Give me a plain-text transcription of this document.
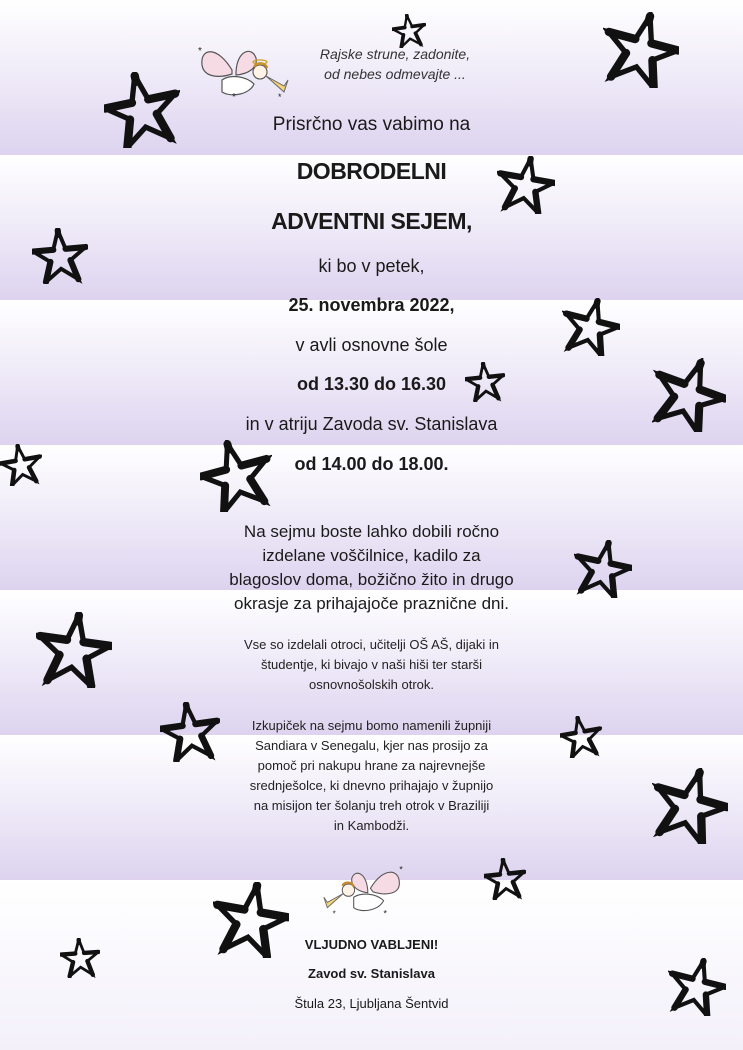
*
*	*
Rajske strune, zadonite,
od nebes odmevajte ...
Prisrčno vas vabimo na
DOBRODELNI
ADVENTNI SEJEM,
ki bo v petek,
25. novembra 2022,
v avli osnovne šole
od 13.30 do 16.30
in v atriju Zavoda sv. Stanislava
od 14.00 do 18.00.
Na sejmu boste lahko dobili ročno
izdelane voščilnice, kadilo za
blagoslov doma, božično žito in drugo
okrasje za prihajajoče praznične dni.
Vse so izdelali otroci, učitelji OŠ AŠ, dijaki in
študentje, ki bivajo v naši hiši ter starši
osnovnošolskih otrok.
Izkupiček na sejmu bomo namenili župniji
Sandiara v Senegalu, kjer nas prosijo za
pomoč pri nakupu hrane za najrevnejše
srednješolce, ki dnevno prihajajo v župnijo
na misijon ter šolanju treh otrok v Braziliji
in Kambodži.
*
*
*
VLJUDNO VABLJENI!
Zavod sv. Stanislava
Štula 23, Ljubljana Šentvid
